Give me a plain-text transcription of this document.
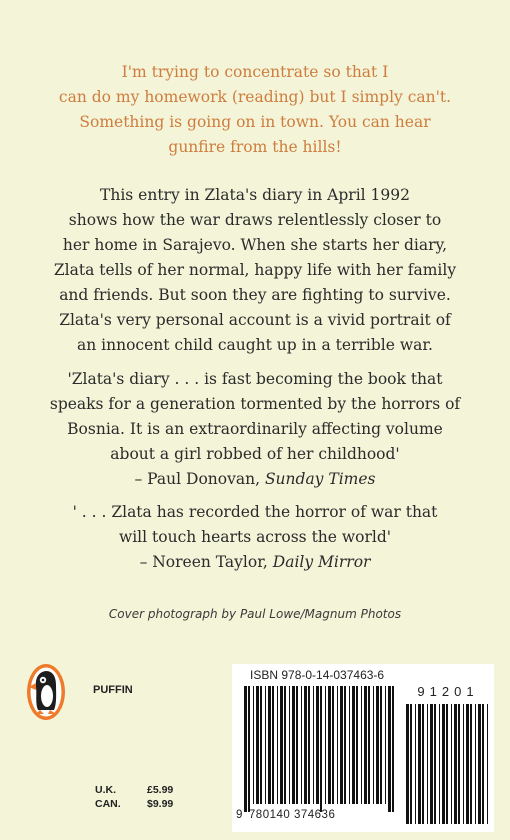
I'm trying to concentrate so that I
can do my homework (reading) but I simply can't.
Something is going on in town. You can hear
gunfire from the hills!
This entry in Zlata's diary in April 1992
shows how the war draws relentlessly closer to
her home in Sarajevo. When she starts her diary,
Zlata tells of her normal, happy life with her family
and friends. But soon they are fighting to survive.
Zlata's very personal account is a vivid portrait of
an innocent child caught up in a terrible war.
'Zlata's diary . . . is fast becoming the book that
speaks for a generation tormented by the horrors of
Bosnia. It is an extraordinarily affecting volume
about a girl robbed of her childhood'
– Paul Donovan, Sunday Times
' . . . Zlata has recorded the horror of war that
will touch hearts across the world'
– Noreen Taylor, Daily Mirror
Cover photograph by Paul Lowe/Magnum Photos
PUFFIN
U.K.	£5.99
CAN.	$9.99
ISBN 978-0-14-037463-6
91201
9 780140 374636
